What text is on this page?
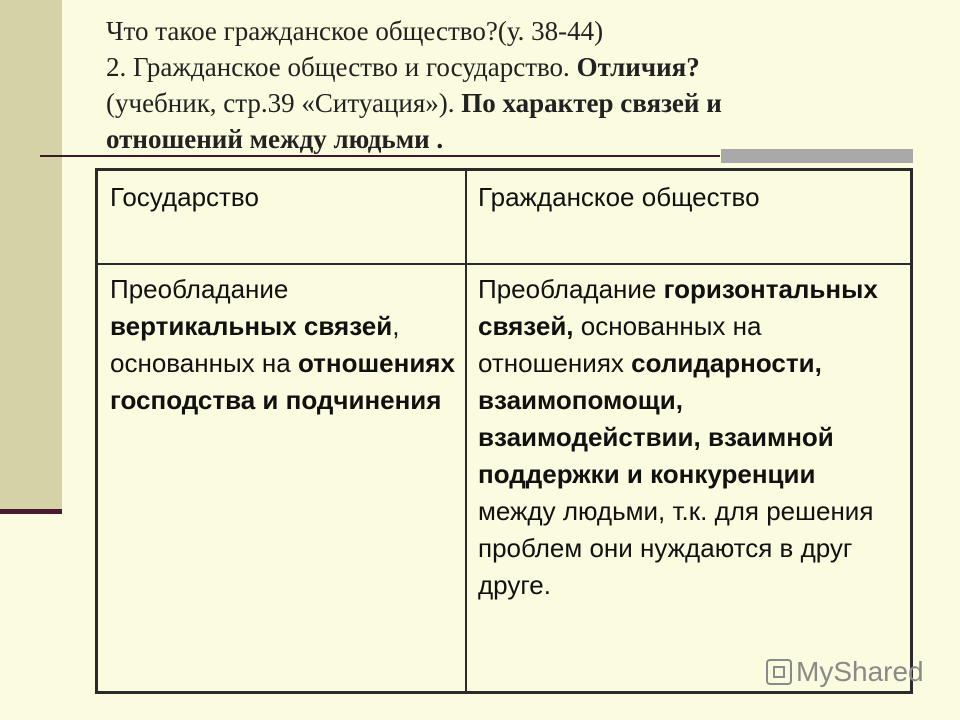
Что такое гражданское общество?(у. 38-44)

2. Гражданское общество и государство. Отличия?

(учебник, стр.39 «Ситуация»). По характер связей и

отношений между людьми .

Государство	Гражданское общество
Преобладание вертикальных связей, основанных на отношениях господства и подчинения
Преобладание горизонтальных связей, основанных на отношениях солидарности, взаимопомощи, взаимодействии, взаимной поддержки и конкуренции между людьми, т.к. для решения проблем они нуждаются в друг друге.
MyShared
